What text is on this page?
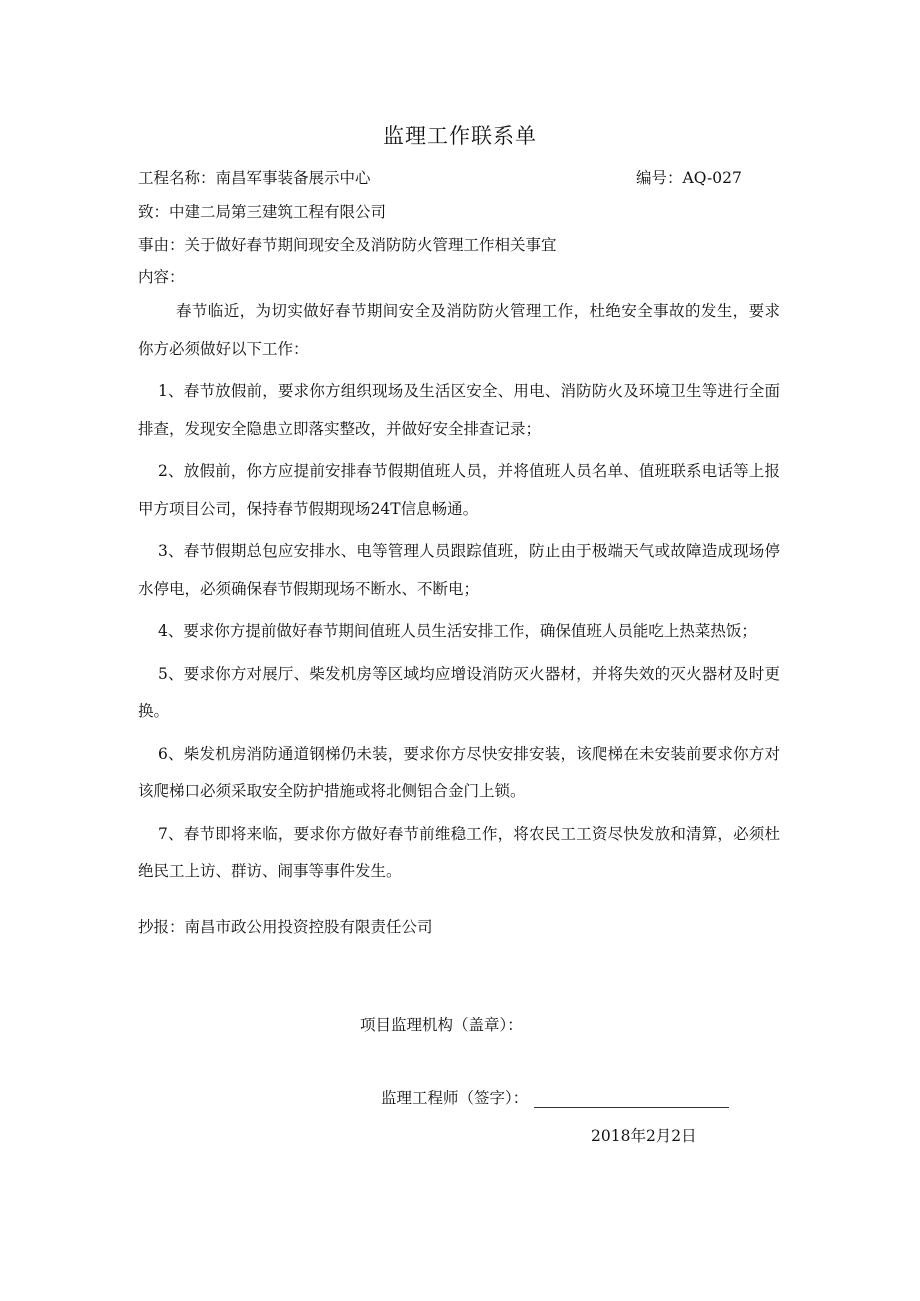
监理工作联系单
工程名称：南昌军事装备展示中心	编号：AQ-027
致：中建二局第三建筑工程有限公司
事由：关于做好春节期间现安全及消防防火管理工作相关事宜
内容：

春节临近，为切实做好春节期间安全及消防防火管理工作，杜绝安全事故的发生，要求你方必须做好以下工作：

1、春节放假前，要求你方组织现场及生活区安全、用电、消防防火及环境卫生等进行全面排查，发现安全隐患立即落实整改，并做好安全排查记录；

2、放假前，你方应提前安排春节假期值班人员，并将值班人员名单、值班联系电话等上报甲方项目公司，保持春节假期现场24T信息畅通。

3、春节假期总包应安排水、电等管理人员跟踪值班，防止由于极端天气或故障造成现场停水停电，必须确保春节假期现场不断水、不断电；

4、要求你方提前做好春节期间值班人员生活安排工作，确保值班人员能吃上热菜热饭；

5、要求你方对展厅、柴发机房等区域均应增设消防灭火器材，并将失效的灭火器材及时更换。

6、柴发机房消防通道钢梯仍未装，要求你方尽快安排安装，该爬梯在未安装前要求你方对该爬梯口必须采取安全防护措施或将北侧铝合金门上锁。

7、春节即将来临，要求你方做好春节前维稳工作，将农民工工资尽快发放和清算，必须杜绝民工上访、群访、闹事等事件发生。

抄报：南昌市政公用投资控股有限责任公司
项目监理机构（盖章）：
监理工程师（签字）：
2018年2月2日
